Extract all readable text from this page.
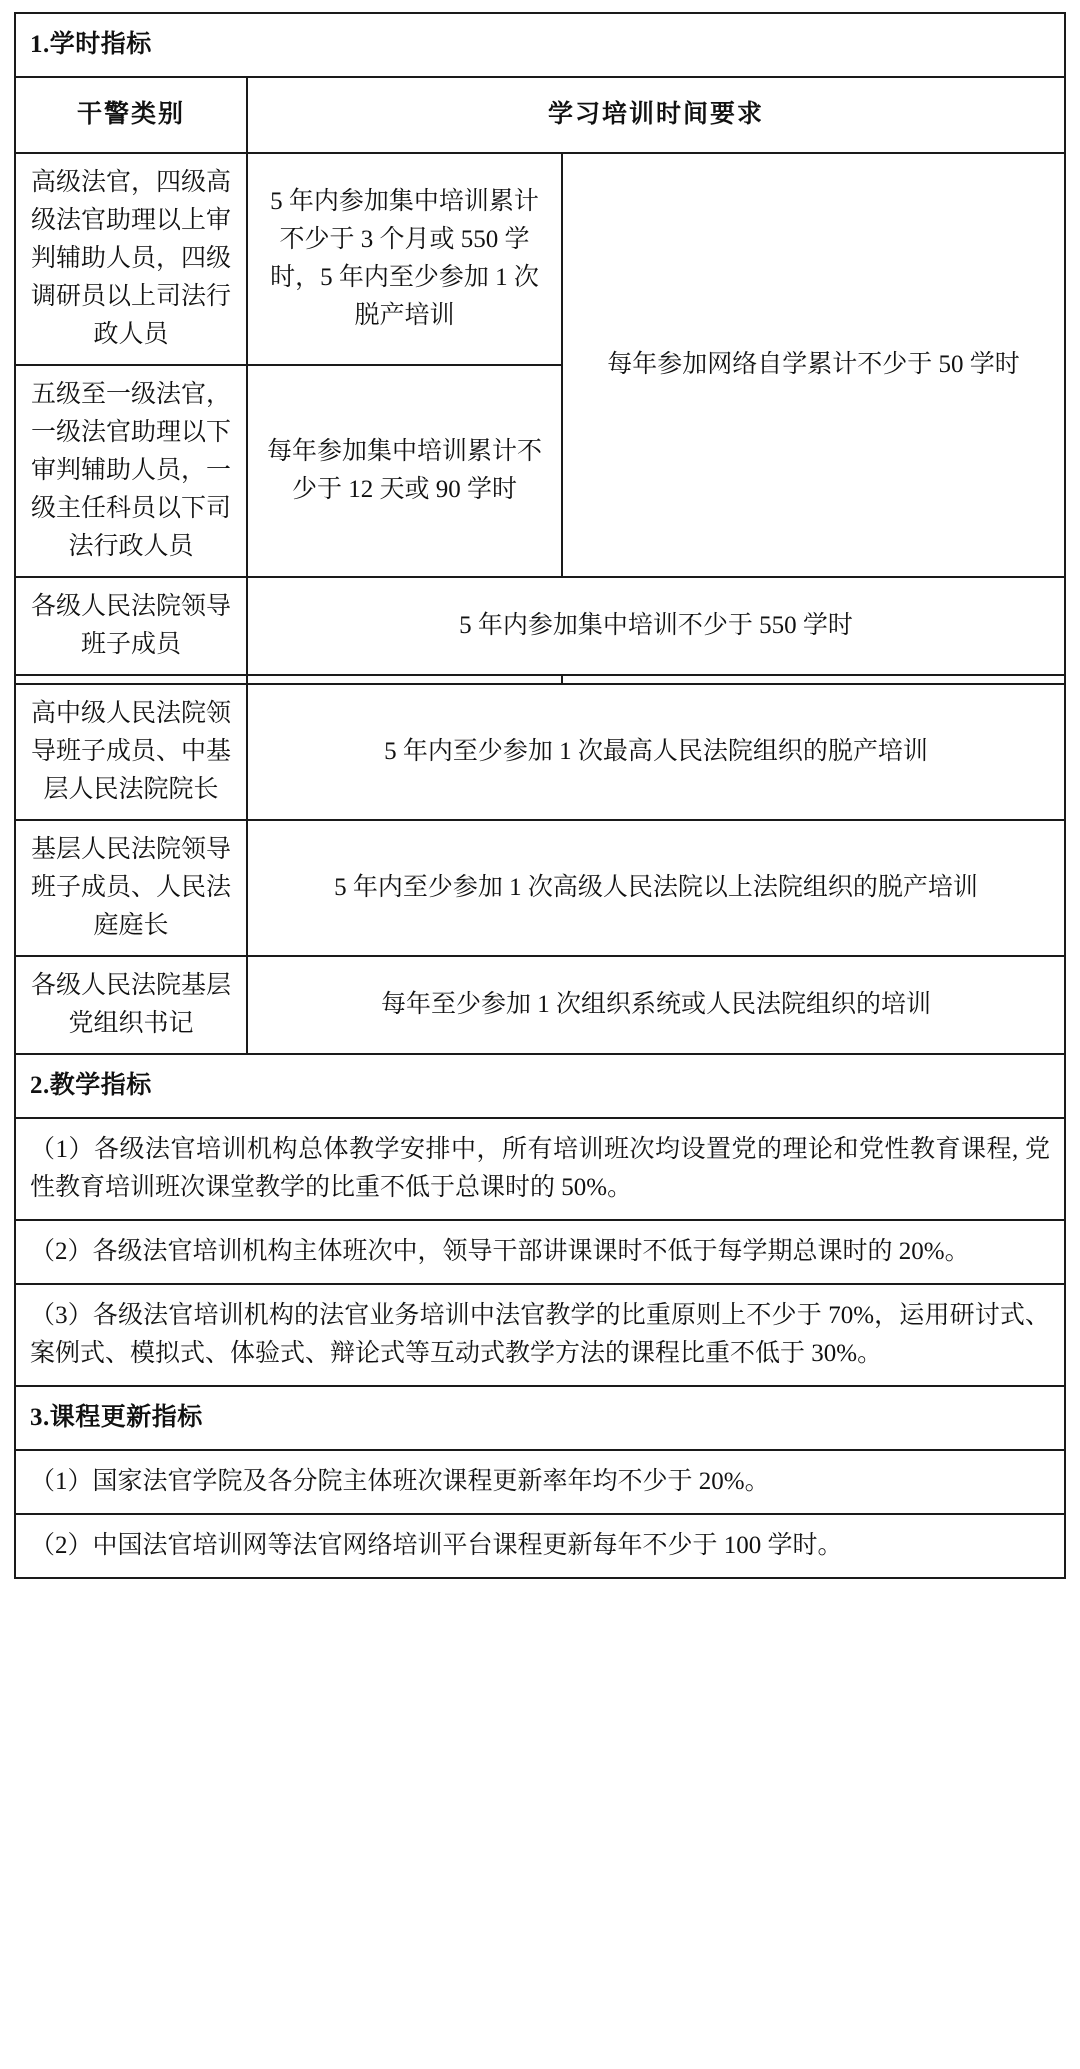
1.学时指标		
干警类别	学习培训时间要求	
高级法官，四级高级法官助理以上审判辅助人员，四级调研员以上司法行政人员	5 年内参加集中培训累计不少于 3 个月或 550 学时，5 年内至少参加 1 次脱产培训	每年参加网络自学累计不少于 50 学时
五级至一级法官，一级法官助理以下审判辅助人员，一级主任科员以下司法行政人员	每年参加集中培训累计不少于 12 天或 90 学时	
各级人民法院领导班子成员	5 年内参加集中培训不少于 550 学时	

高中级人民法院领导班子成员、中基层人民法院院长	5 年内至少参加 1 次最高人民法院组织的脱产培训	
基层人民法院领导班子成员、人民法庭庭长	5 年内至少参加 1 次高级人民法院以上法院组织的脱产培训	
各级人民法院基层党组织书记	每年至少参加 1 次组织系统或人民法院组织的培训	
2.教学指标		
（1）各级法官培训机构总体教学安排中，所有培训班次均设置党的理论和党性教育课程, 党性教育培训班次课堂教学的比重不低于总课时的 50%。		
（2）各级法官培训机构主体班次中，领导干部讲课课时不低于每学期总课时的 20%。		
（3）各级法官培训机构的法官业务培训中法官教学的比重原则上不少于 70%，运用研讨式、案例式、模拟式、体验式、辩论式等互动式教学方法的课程比重不低于 30%。		
3.课程更新指标		
（1）国家法官学院及各分院主体班次课程更新率年均不少于 20%。		
（2）中国法官培训网等法官网络培训平台课程更新每年不少于 100 学时。		
